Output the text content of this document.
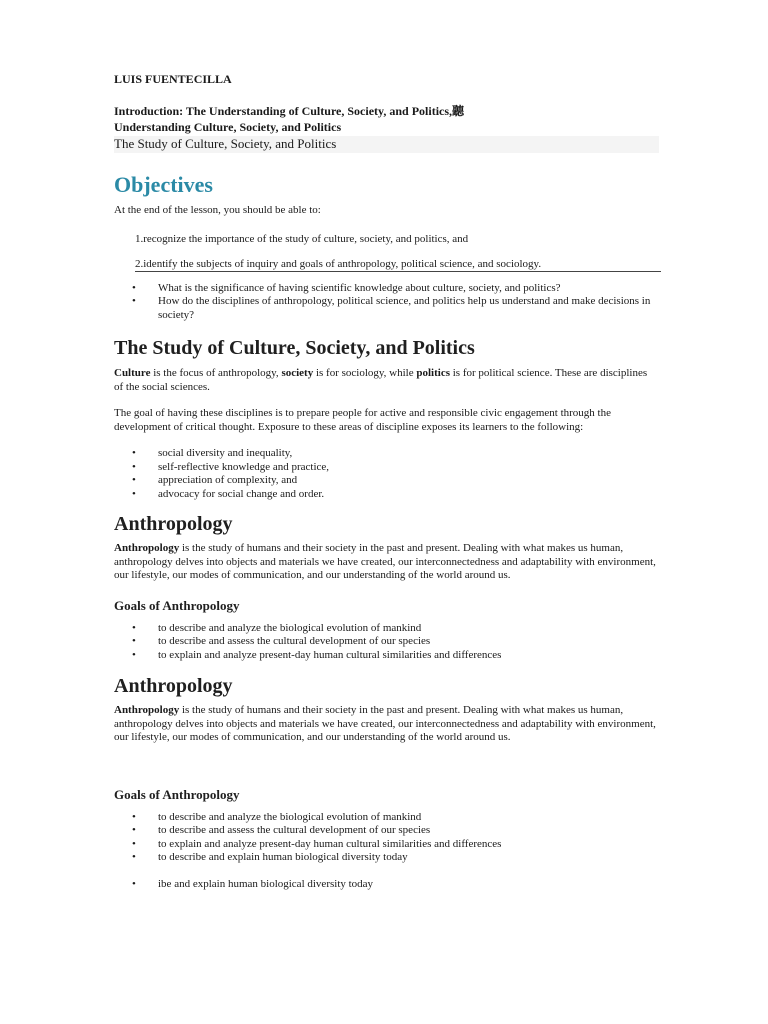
LUIS FUENTECILLA

Introduction: The Understanding of Culture, Society, and Politics,聽

Understanding Culture, Society, and Politics

The Study of Culture, Society, and Politics

Objectives

At the end of the lesson, you should be able to:

1.recognize the importance of the study of culture, society, and politics, and

2.identify the subjects of inquiry and goals of anthropology, political science, and sociology.

• What is the significance of having scientific knowledge about culture, society, and politics?
• How do the disciplines of anthropology, political science, and politics help us understand and make decisions in society?
The Study of Culture, Society, and Politics

Culture is the focus of anthropology, society is for sociology, while politics is for political science. These are disciplines of the social sciences.

The goal of having these disciplines is to prepare people for active and responsible civic engagement through the development of critical thought. Exposure to these areas of discipline exposes its learners to the following:

• social diversity and inequality,
• self-reflective knowledge and practice,
• appreciation of complexity, and
• advocacy for social change and order.
Anthropology

Anthropology is the study of humans and their society in the past and present. Dealing with what makes us human, anthropology delves into objects and materials we have created, our interconnectedness and adaptability with environment, our lifestyle, our modes of communication, and our understanding of the world around us.

Goals of Anthropology
• to describe and analyze the biological evolution of mankind
• to describe and assess the cultural development of our species
• to explain and analyze present-day human cultural similarities and differences
Anthropology

Anthropology is the study of humans and their society in the past and present. Dealing with what makes us human, anthropology delves into objects and materials we have created, our interconnectedness and adaptability with environment, our lifestyle, our modes of communication, and our understanding of the world around us.

Goals of Anthropology
• to describe and analyze the biological evolution of mankind
• to describe and assess the cultural development of our species
• to explain and analyze present-day human cultural similarities and differences
• to describe and explain human biological diversity today
• ibe and explain human biological diversity today
